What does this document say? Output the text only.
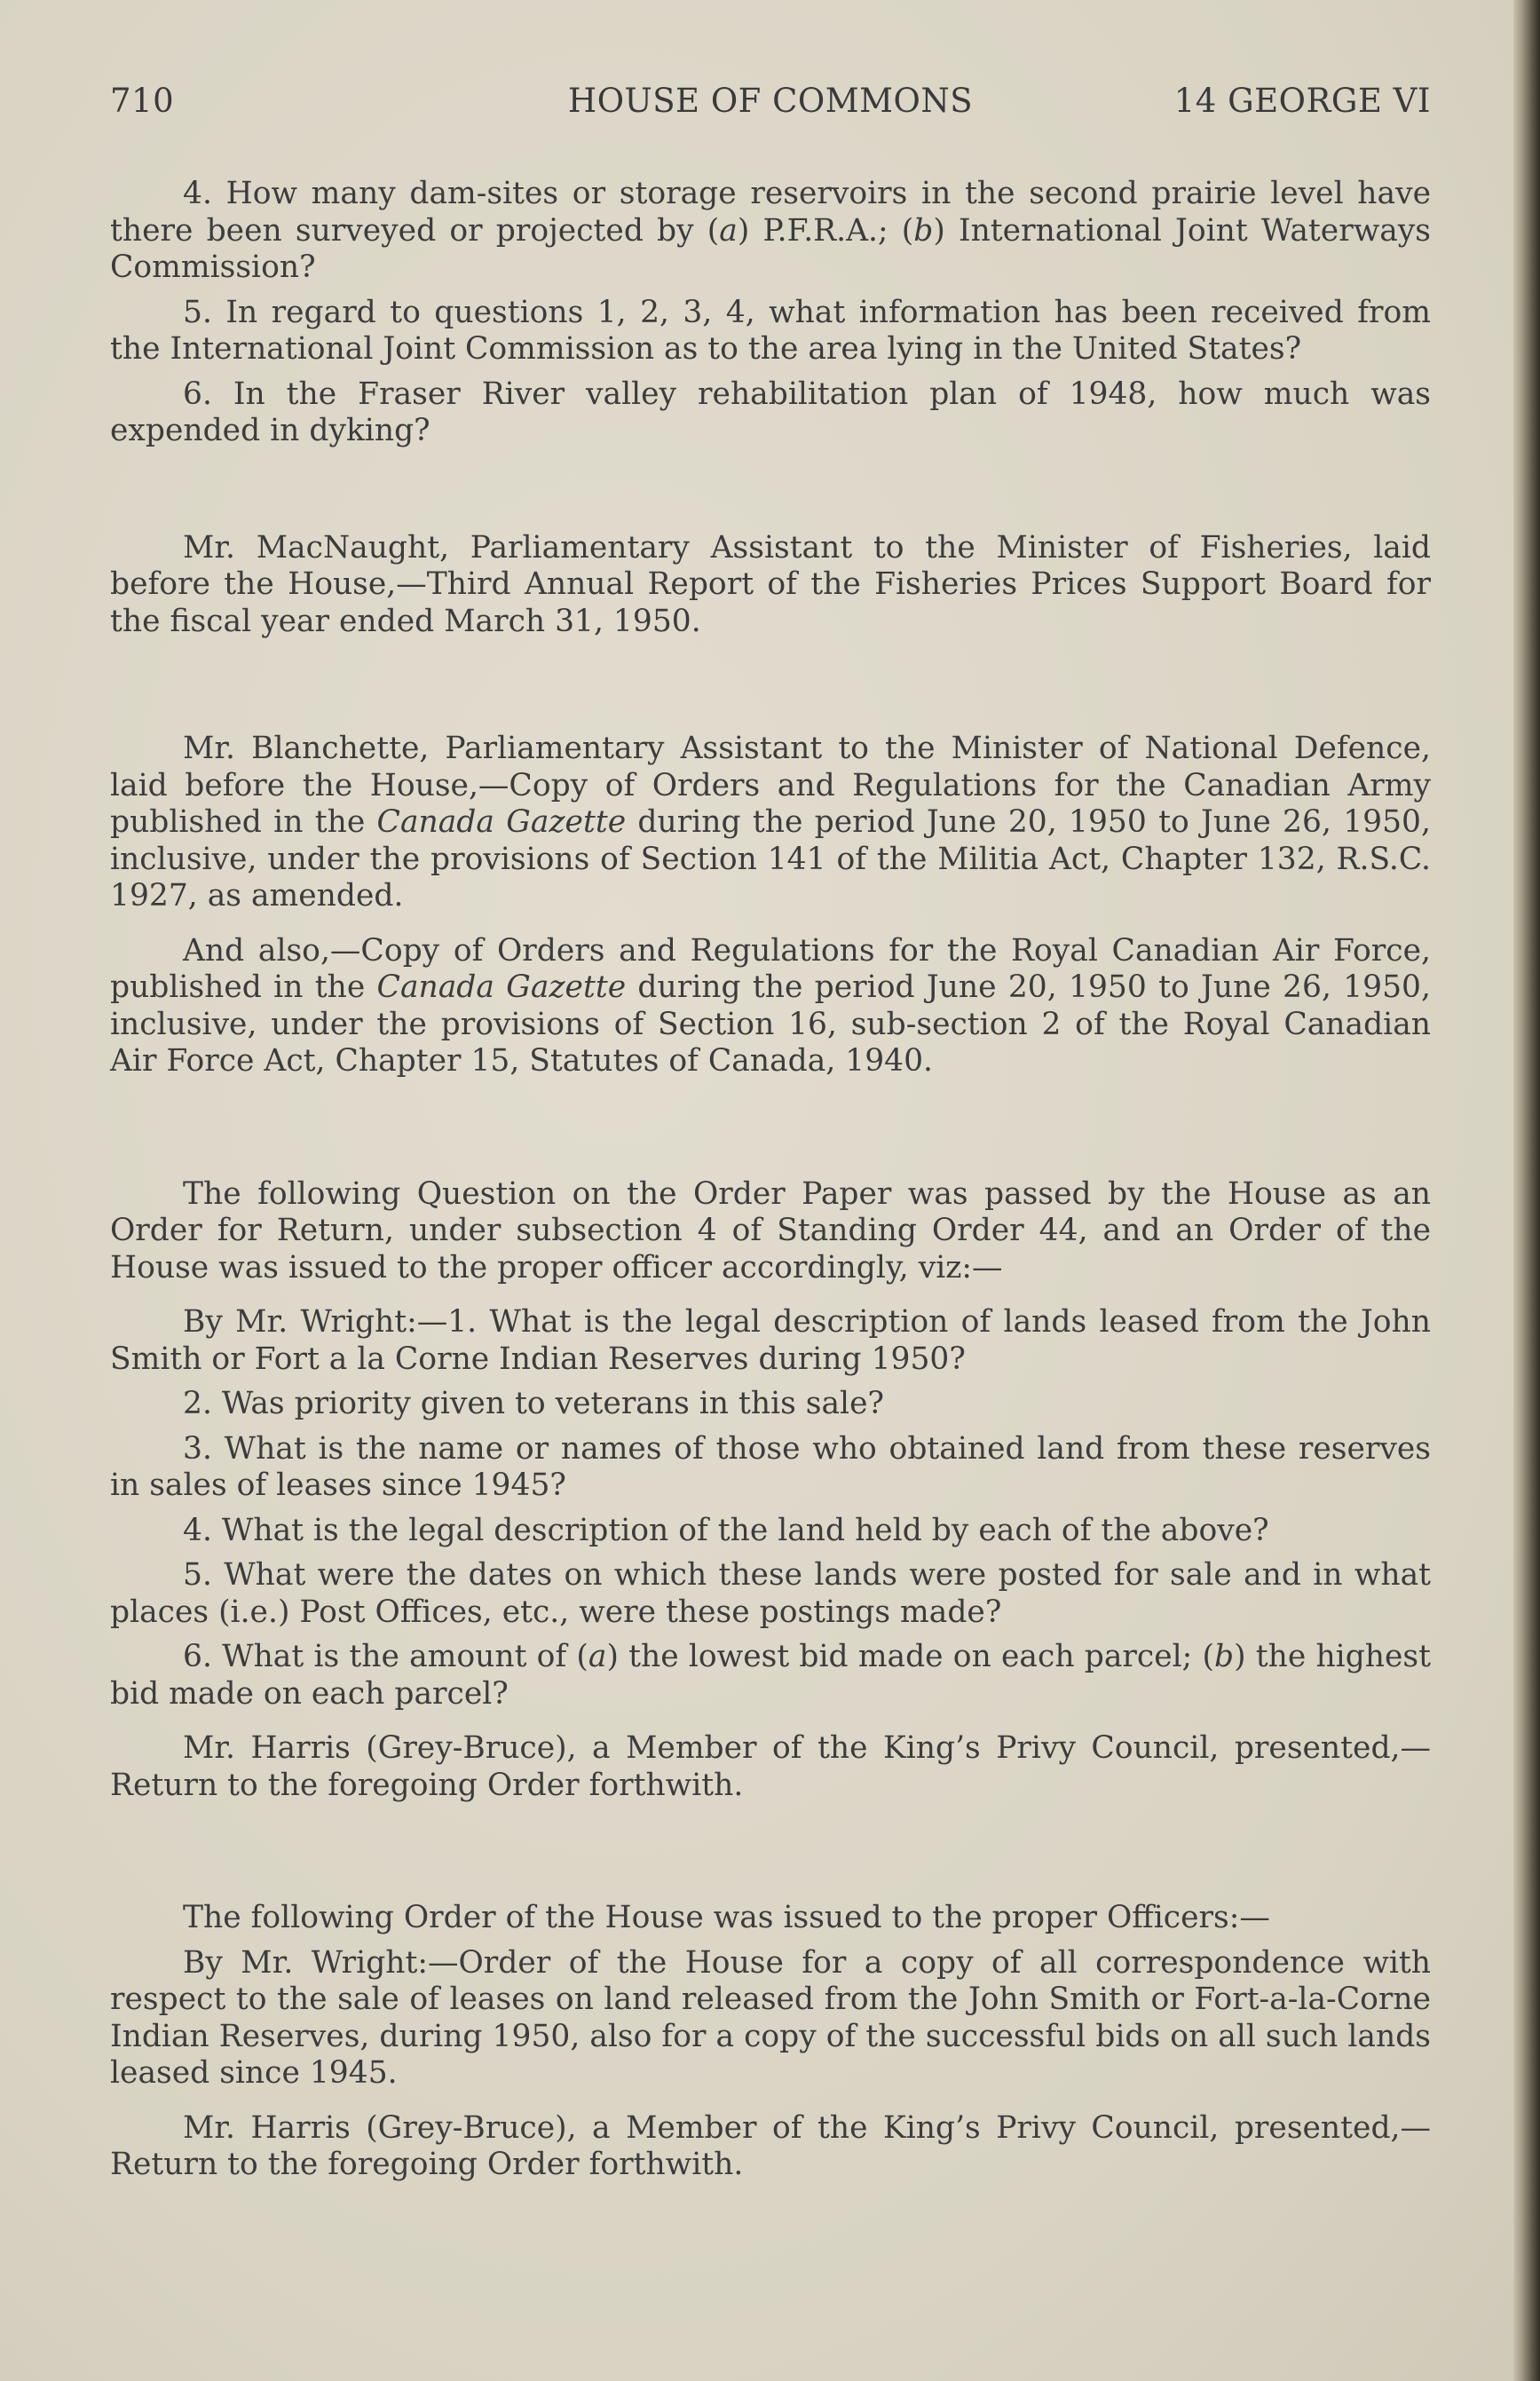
710	HOUSE OF COMMONS	14 GEORGE VI

4. How many dam-sites or storage reservoirs in the second prairie level have there been surveyed or projected by (a) P.F.R.A.; (b) International Joint Waterways Commission?

5. In regard to questions 1, 2, 3, 4, what information has been received from the International Joint Commission as to the area lying in the United States?

6. In the Fraser River valley rehabilitation plan of 1948, how much was expended in dyking?

Mr. MacNaught, Parliamentary Assistant to the Minister of Fisheries, laid before the House,—Third Annual Report of the Fisheries Prices Support Board for the fiscal year ended March 31, 1950.

Mr. Blanchette, Parliamentary Assistant to the Minister of National Defence, laid before the House,—Copy of Orders and Regulations for the Canadian Army published in the Canada Gazette during the period June 20, 1950 to June 26, 1950, inclusive, under the provisions of Section 141 of the Militia Act, Chapter 132, R.S.C. 1927, as amended.

And also,—Copy of Orders and Regulations for the Royal Canadian Air Force, published in the Canada Gazette during the period June 20, 1950 to June 26, 1950, inclusive, under the provisions of Section 16, sub-section 2 of the Royal Canadian Air Force Act, Chapter 15, Statutes of Canada, 1940.

The following Question on the Order Paper was passed by the House as an Order for Return, under subsection 4 of Standing Order 44, and an Order of the House was issued to the proper officer accordingly, viz:—

By Mr. Wright:—1. What is the legal description of lands leased from the John Smith or Fort a la Corne Indian Reserves during 1950?

2. Was priority given to veterans in this sale?

3. What is the name or names of those who obtained land from these reserves in sales of leases since 1945?

4. What is the legal description of the land held by each of the above?

5. What were the dates on which these lands were posted for sale and in what places (i.e.) Post Offices, etc., were these postings made?

6. What is the amount of (a) the lowest bid made on each parcel; (b) the highest bid made on each parcel?

Mr. Harris (Grey-Bruce), a Member of the King’s Privy Council, presented,—Return to the foregoing Order forthwith.

The following Order of the House was issued to the proper Officers:—

By Mr. Wright:—Order of the House for a copy of all correspondence with respect to the sale of leases on land released from the John Smith or Fort-a-la-Corne Indian Reserves, during 1950, also for a copy of the successful bids on all such lands leased since 1945.

Mr. Harris (Grey-Bruce), a Member of the King’s Privy Council, presented,—Return to the foregoing Order forthwith.
